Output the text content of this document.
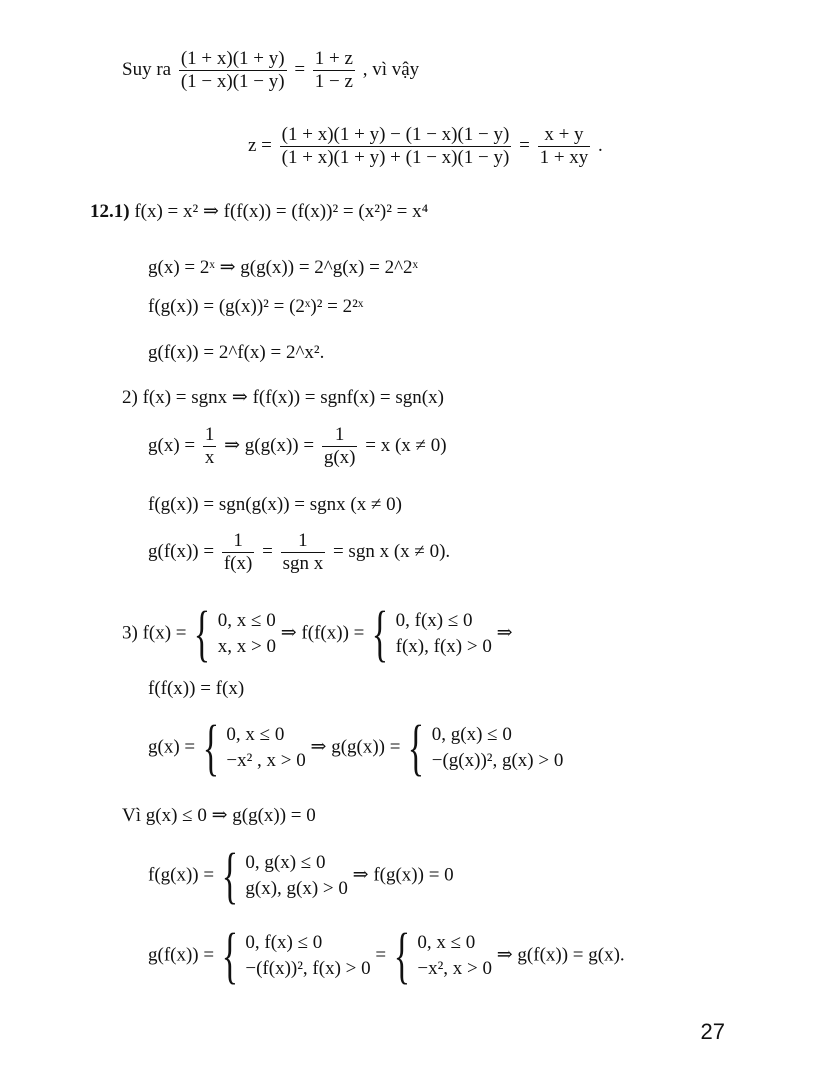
Suy ra $\frac{(1 + x)(1 + y)}{(1 - x)(1 - y)} = \frac{1 + z}{1 - z}$ , vì vậy
$z = \frac{(1 + x)(1 + y) - (1 - x)(1 - y)}{(1 + x)(1 + y) + (1 - x)(1 - y)} = \frac{x + y}{1 + xy}$ .
12.1) f(x) = x² ⇒ f(f(x)) = (f(x))² = (x²)² = x⁴
g(x) = 2ˣ ⇒ g(g(x)) = 2^g(x) = 2^2ˣ
f(g(x)) = (g(x))² = (2ˣ)² = 2²ˣ
g(f(x)) = 2^f(x) = 2^x².
2) f(x) = sgnx ⇒ f(f(x)) = sgnf(x) = sgn(x)
$g(x) = \frac{1}{x}$ ⇒ $g(g(x)) = \frac{1}{g(x)} = x$ (x ≠ 0)
f(g(x)) = sgn(g(x)) = sgnx (x ≠ 0)
$g(f(x)) = \frac{1}{f(x)} = \frac{1}{\text{sgn x}}$ = sgn x (x ≠ 0).
3) f(x) = { 0, x ≤ 0
x, x > 0
⇒ f(f(x)) = { 0, f(x) ≤ 0
f(x), f(x) > 0
⇒
f(f(x)) = f(x)
g(x) = { 0, x ≤ 0
−x² , x > 0
⇒ g(g(x)) = { 0, g(x) ≤ 0
−(g(x))², g(x) > 0
Vì g(x) ≤ 0 ⇒ g(g(x)) = 0
f(g(x)) = { 0, g(x) ≤ 0
g(x), g(x) > 0
⇒ f(g(x)) = 0
g(f(x)) = { 0, f(x) ≤ 0
−(f(x))², f(x) > 0
= { 0, x ≤ 0
−x², x > 0
⇒ g(f(x)) = g(x).
27
